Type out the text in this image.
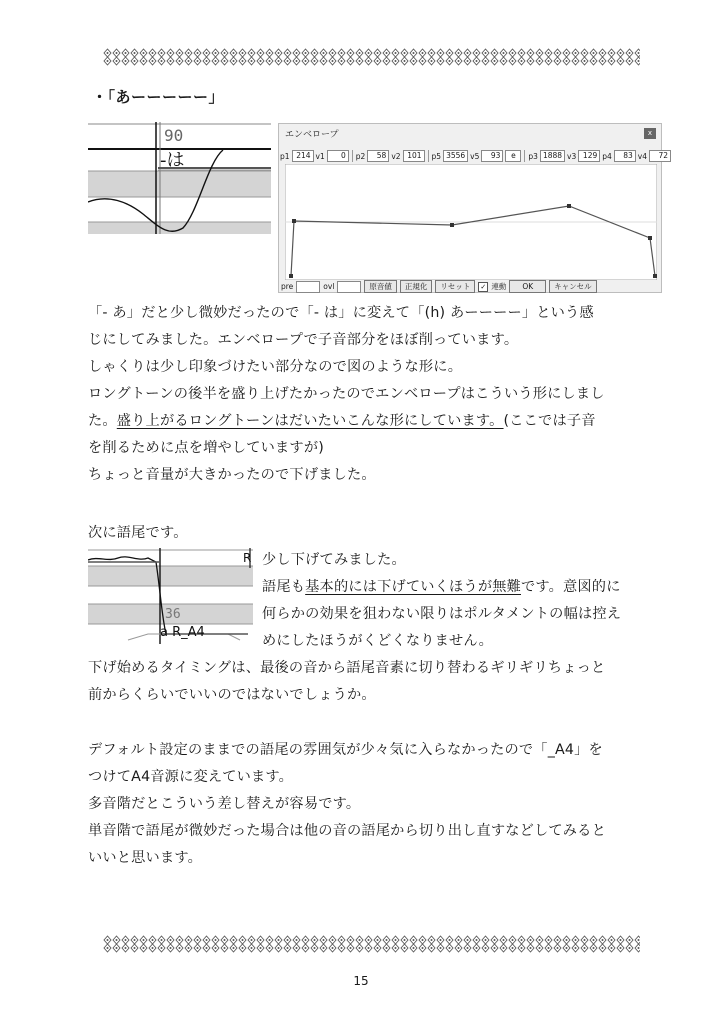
・「あーーーーー」
90
-は
エンベロープ	x
p1 214 v1	0	p2	58 v2 101	p5 3556 v5	93	e	p3 1888 v3 129 p4	83 v4	72
pre	ovl	原音値	正規化	リセット	✓ 連動	OK	キャンセル

「- あ」だと少し微妙だったので「- は」に変えて「(h) あーーーー」という感

じにしてみました。エンベロープで子音部分をほぼ削っています。

しゃくりは少し印象づけたい部分なので図のような形に。

ロングトーンの後半を盛り上げたかったのでエンベロープはこういう形にしまし

た。盛り上がるロングトーンはだいたいこんな形にしています。(ここでは子音

を削るために点を増やしていますが)

ちょっと音量が大きかったので下げました。

次に語尾です。

36
a R_A4
R 少し下げてみました。

語尾も基本的には下げていくほうが無難です。意図的に

何らかの効果を狙わない限りはポルタメントの幅は控え

めにしたほうがくどくなりません。

下げ始めるタイミングは、最後の音から語尾音素に切り替わるギリギリちょっと

前からくらいでいいのではないでしょうか。

デフォルト設定のままでの語尾の雰囲気が少々気に入らなかったので「_A4」を

つけてA4音源に変えています。

多音階だとこういう差し替えが容易です。

単音階で語尾が微妙だった場合は他の音の語尾から切り出し直すなどしてみると

いいと思います。

15
